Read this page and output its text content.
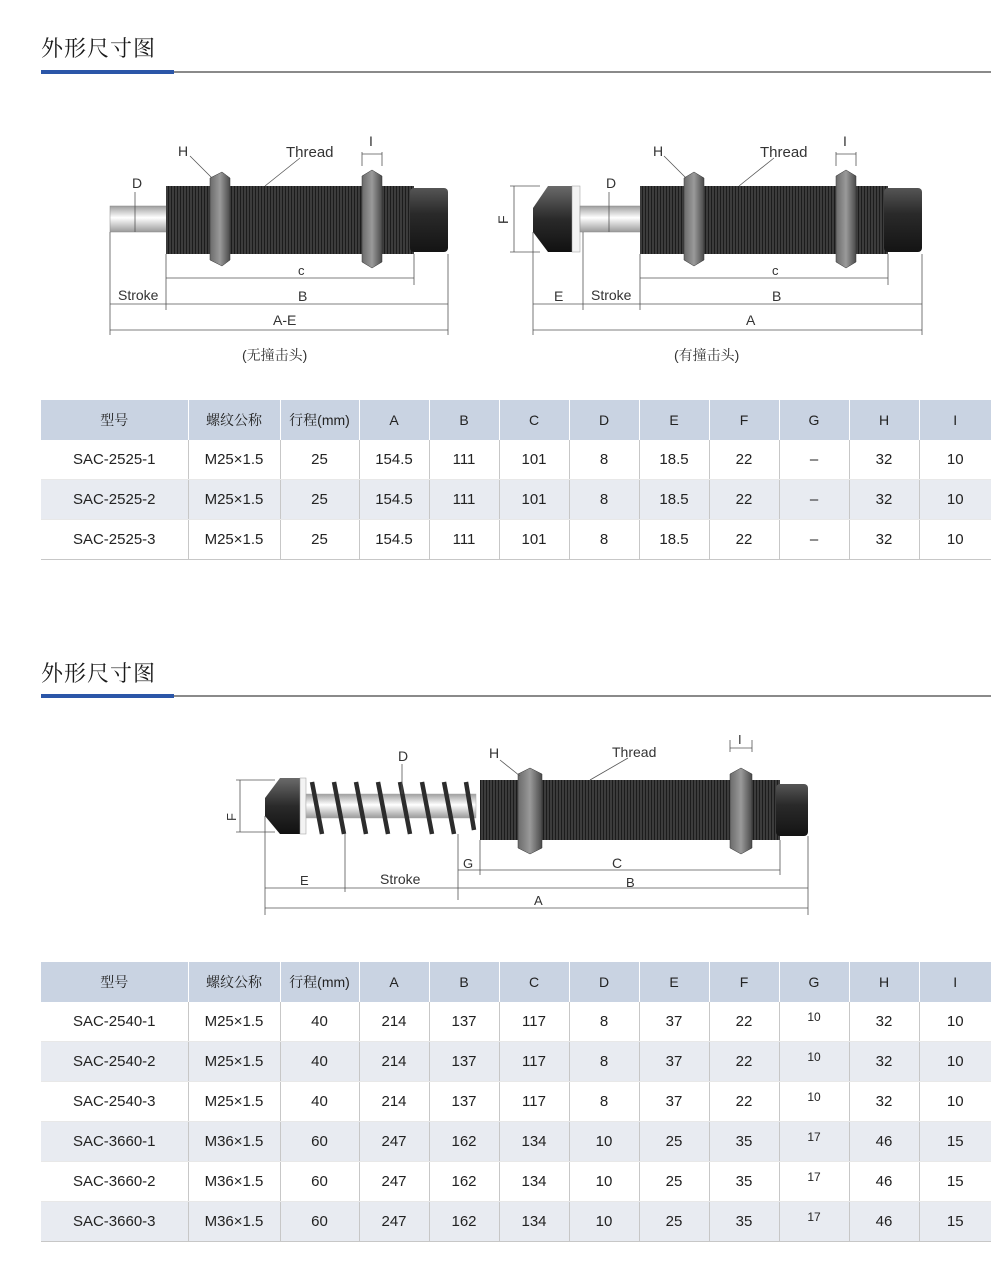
外形尺寸图
D
H	Thread
I
c
B
Stroke
A-E
(无撞击头)
F
D
H	Thread
I
c
B
E Stroke
A
(有撞击头)
型号	螺纹公称	行程(mm)	A	B	C	D	E	F	G	H	I
SAC-2525-1	M25×1.5	25	154.5	111	101	8	18.5	22	–	32	10
SAC-2525-2	M25×1.5	25	154.5	111	101	8	18.5	22	–	32	10
SAC-2525-3	M25×1.5	25	154.5	111	101	8	18.5	22	–	32	10
外形尺寸图
F
D	H	Thread
I
E	Stroke
G	C
B
A
型号	螺纹公称	行程(mm)	A	B	C	D	E	F	G	H	I
SAC-2540-1	M25×1.5	40	214	137	117	8	37	22	$^{10}$	32	10
SAC-2540-2	M25×1.5	40	214	137	117	8	37	22	$^{10}$	32	10
SAC-2540-3	M25×1.5	40	214	137	117	8	37	22	$^{10}$	32	10
SAC-3660-1	M36×1.5	60	247	162	134	10	25	35	$^{17}$	46	15
SAC-3660-2	M36×1.5	60	247	162	134	10	25	35	$^{17}$	46	15
SAC-3660-3	M36×1.5	60	247	162	134	10	25	35	$^{17}$	46	15
